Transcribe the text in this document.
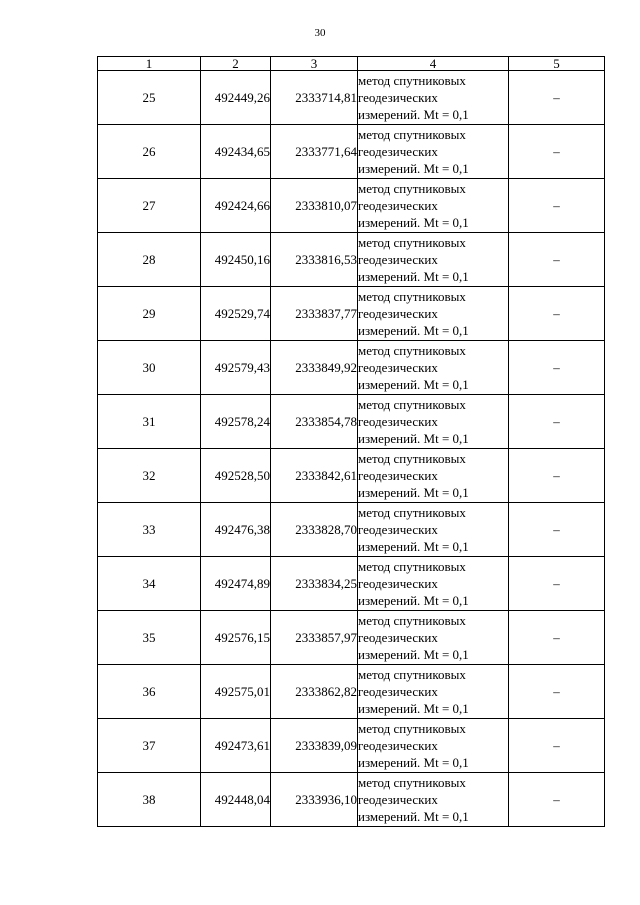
30
1	2	3	4	5
25	492449,26	2333714,81	метод спутниковых
геодезических
измерений. Mt = 0,1	–
26	492434,65	2333771,64	метод спутниковых
геодезических
измерений. Mt = 0,1	–
27	492424,66	2333810,07	метод спутниковых
геодезических
измерений. Mt = 0,1	–
28	492450,16	2333816,53	метод спутниковых
геодезических
измерений. Mt = 0,1	–
29	492529,74	2333837,77	метод спутниковых
геодезических
измерений. Mt = 0,1	–
30	492579,43	2333849,92	метод спутниковых
геодезических
измерений. Mt = 0,1	–
31	492578,24	2333854,78	метод спутниковых
геодезических
измерений. Mt = 0,1	–
32	492528,50	2333842,61	метод спутниковых
геодезических
измерений. Mt = 0,1	–
33	492476,38	2333828,70	метод спутниковых
геодезических
измерений. Mt = 0,1	–
34	492474,89	2333834,25	метод спутниковых
геодезических
измерений. Mt = 0,1	–
35	492576,15	2333857,97	метод спутниковых
геодезических
измерений. Mt = 0,1	–
36	492575,01	2333862,82	метод спутниковых
геодезических
измерений. Mt = 0,1	–
37	492473,61	2333839,09	метод спутниковых
геодезических
измерений. Mt = 0,1	–
38	492448,04	2333936,10	метод спутниковых
геодезических
измерений. Mt = 0,1	–
